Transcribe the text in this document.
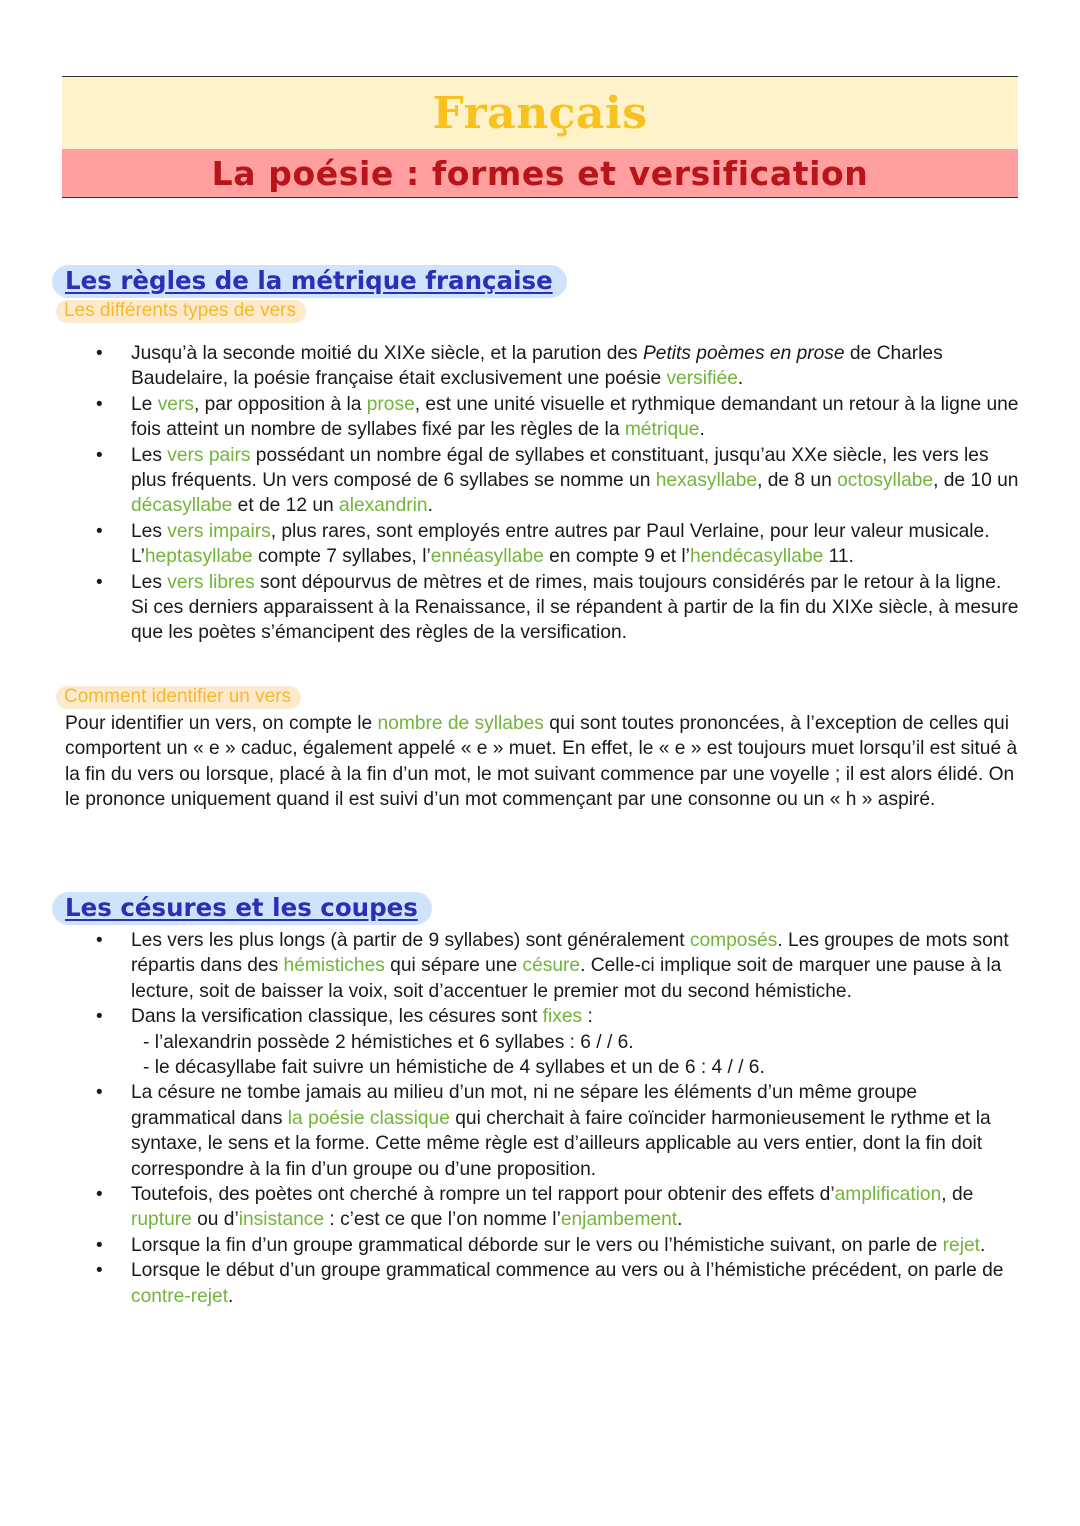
Français
La poésie : formes et versification
Les règles de la métrique française
Les différents types de vers
• Jusqu’à la seconde moitié du XIXe siècle, et la parution des Petits poèmes en prose de Charles Baudelaire, la poésie française était exclusivement une poésie versifiée.
• Le vers, par opposition à la prose, est une unité visuelle et rythmique demandant un retour à la ligne une fois atteint un nombre de syllabes fixé par les règles de la métrique.
• Les vers pairs possédant un nombre égal de syllabes et constituant, jusqu’au XXe siècle, les vers les plus fréquents. Un vers composé de 6 syllabes se nomme un hexasyllabe, de 8 un octosyllabe, de 10 un décasyllabe et de 12 un alexandrin.
• Les vers impairs, plus rares, sont employés entre autres par Paul Verlaine, pour leur valeur musicale.
L’heptasyllabe compte 7 syllabes, l’ennéasyllabe en compte 9 et l’hendécasyllabe 11.
• Les vers libres sont dépourvus de mètres et de rimes, mais toujours considérés par le retour à la ligne. Si ces derniers apparaissent à la Renaissance, il se répandent à partir de la fin du XIXe siècle, à mesure que les poètes s’émancipent des règles de la versification.
Comment identifier un vers

Pour identifier un vers, on compte le nombre de syllabes qui sont toutes prononcées, à l’exception de celles qui comportent un « e » caduc, également appelé « e » muet. En effet, le « e » est toujours muet lorsqu’il est situé à la fin du vers ou lorsque, placé à la fin d’un mot, le mot suivant commence par une voyelle ; il est alors élidé. On le prononce uniquement quand il est suivi d’un mot commençant par une consonne ou un « h » aspiré.

Les césures et les coupes
• Les vers les plus longs (à partir de 9 syllabes) sont généralement composés. Les groupes de mots sont répartis dans des hémistiches qui sépare une césure. Celle-ci implique soit de marquer une pause à la lecture, soit de baisser la voix, soit d’accentuer le premier mot du second hémistiche.
• Dans la versification classique, les césures sont fixes :
- l’alexandrin possède 2 hémistiches et 6 syllabes : 6 / / 6.
- le décasyllabe fait suivre un hémistiche de 4 syllabes et un de 6 : 4 / / 6.
• La césure ne tombe jamais au milieu d’un mot, ni ne sépare les éléments d’un même groupe grammatical dans la poésie classique qui cherchait à faire coïncider harmonieusement le rythme et la syntaxe, le sens et la forme. Cette même règle est d’ailleurs applicable au vers entier, dont la fin doit correspondre à la fin d’un groupe ou d’une proposition.
• Toutefois, des poètes ont cherché à rompre un tel rapport pour obtenir des effets d’amplification, de rupture ou d’insistance : c’est ce que l’on nomme l’enjambement.
• Lorsque la fin d’un groupe grammatical déborde sur le vers ou l’hémistiche suivant, on parle de rejet.
• Lorsque le début d’un groupe grammatical commence au vers ou à l’hémistiche précédent, on parle de contre-rejet.
